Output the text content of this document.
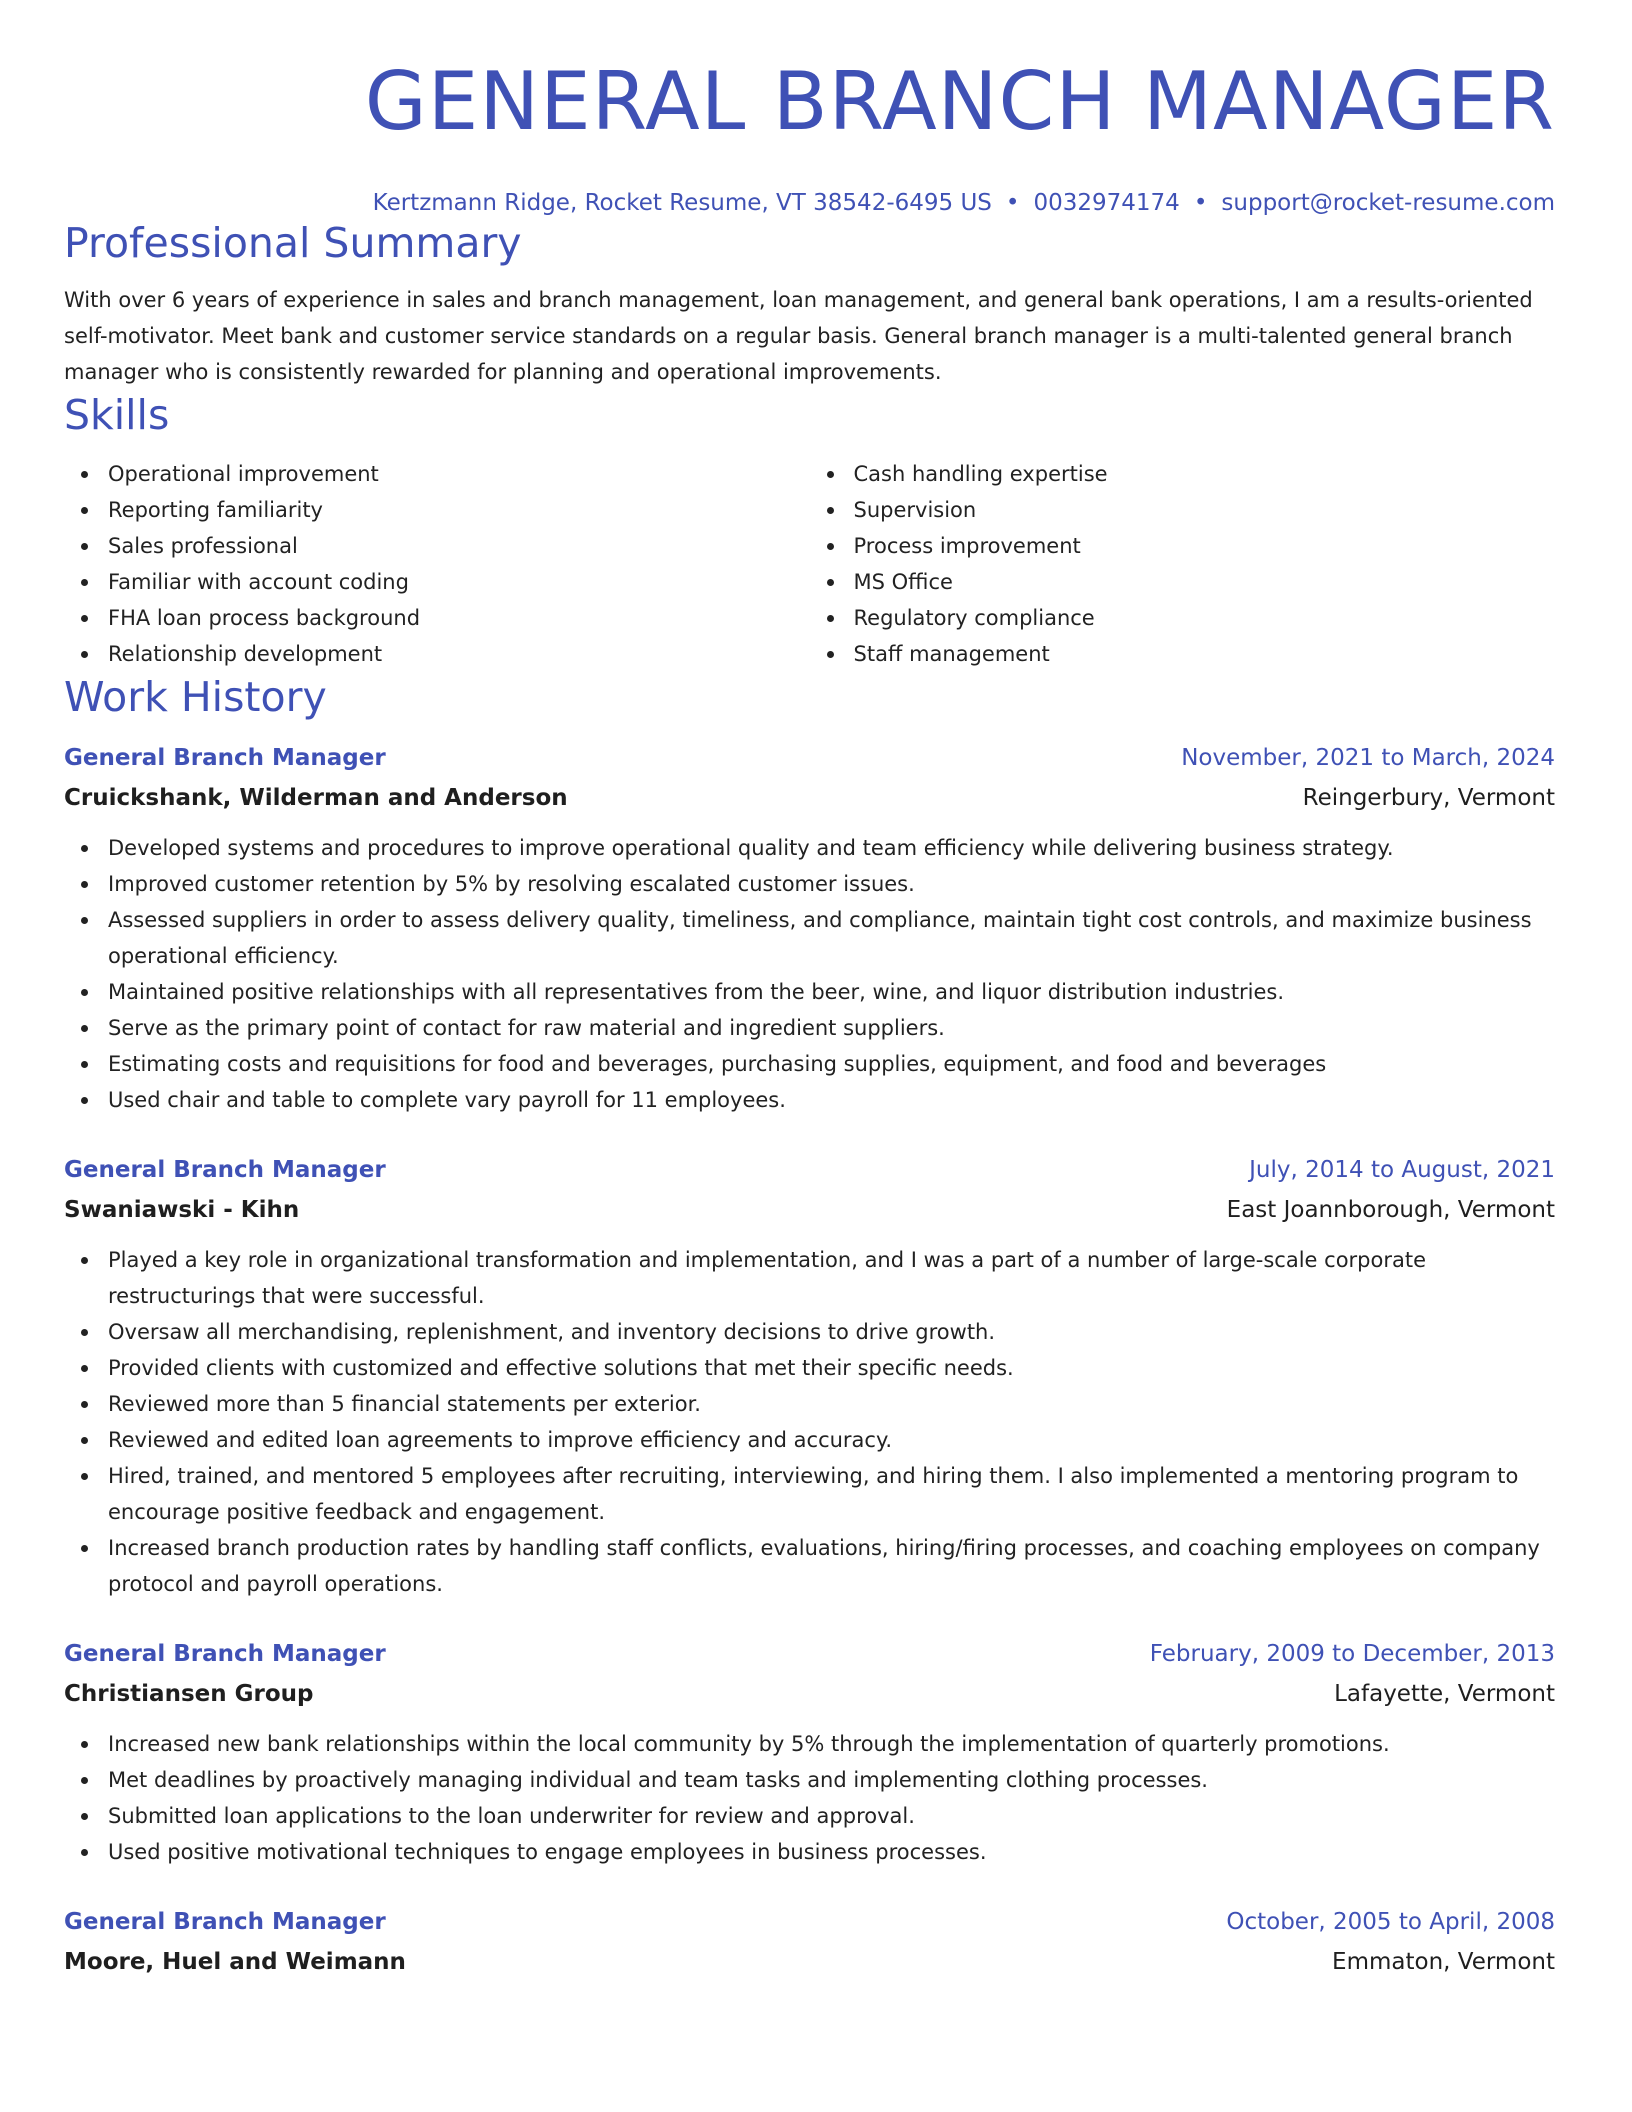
GENERAL BRANCH MANAGER
Kertzmann Ridge, Rocket Resume, VT 38542-6495 US • 0032974174 • support@rocket-resume.com
Professional Summary
With over 6 years of experience in sales and branch management, loan management, and general bank operations, I am a results-oriented self-motivator. Meet bank and customer service standards on a regular basis. General branch manager is a multi-talented general branch manager who is consistently rewarded for planning and operational improvements.
Skills
Operational improvement
Reporting familiarity
Sales professional
Familiar with account coding
FHA loan process background
Relationship development
Cash handling expertise
Supervision
Process improvement
MS Office
Regulatory compliance
Staff management
Work History
General Branch Manager	November, 2021 to March, 2024
Cruickshank, Wilderman and Anderson	Reingerbury, Vermont
Developed systems and procedures to improve operational quality and team efficiency while delivering business strategy.
Improved customer retention by 5% by resolving escalated customer issues.
Assessed suppliers in order to assess delivery quality, timeliness, and compliance, maintain tight cost controls, and maximize business operational efficiency.
Maintained positive relationships with all representatives from the beer, wine, and liquor distribution industries.
Serve as the primary point of contact for raw material and ingredient suppliers.
Estimating costs and requisitions for food and beverages, purchasing supplies, equipment, and food and beverages
Used chair and table to complete vary payroll for 11 employees.
General Branch Manager	July, 2014 to August, 2021
Swaniawski - Kihn	East Joannborough, Vermont
Played a key role in organizational transformation and implementation, and I was a part of a number of large-scale corporate restructurings that were successful.
Oversaw all merchandising, replenishment, and inventory decisions to drive growth.
Provided clients with customized and effective solutions that met their specific needs.
Reviewed more than 5 financial statements per exterior.
Reviewed and edited loan agreements to improve efficiency and accuracy.
Hired, trained, and mentored 5 employees after recruiting, interviewing, and hiring them. I also implemented a mentoring program to encourage positive feedback and engagement.
Increased branch production rates by handling staff conflicts, evaluations, hiring/firing processes, and coaching employees on company protocol and payroll operations.
General Branch Manager	February, 2009 to December, 2013
Christiansen Group	Lafayette, Vermont
Increased new bank relationships within the local community by 5% through the implementation of quarterly promotions.
Met deadlines by proactively managing individual and team tasks and implementing clothing processes.
Submitted loan applications to the loan underwriter for review and approval.
Used positive motivational techniques to engage employees in business processes.
General Branch Manager	October, 2005 to April, 2008
Moore, Huel and Weimann	Emmaton, Vermont
